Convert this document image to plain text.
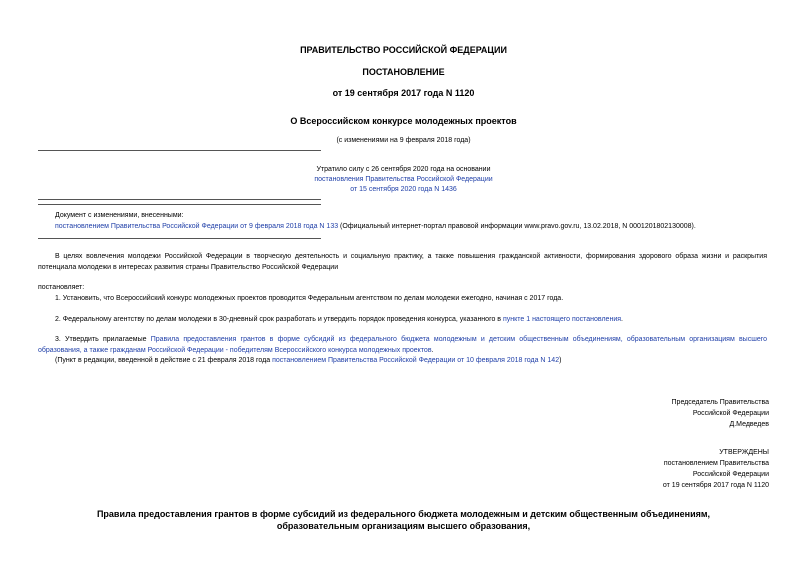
ПРАВИТЕЛЬСТВО РОССИЙСКОЙ ФЕДЕРАЦИИ
ПОСТАНОВЛЕНИЕ
от 19 сентября 2017 года N 1120
О Всероссийском конкурсе молодежных проектов
(с изменениями на 9 февраля 2018 года)
Утратило силу с 26 сентября 2020 года на основании
постановления Правительства Российской Федерации
от 15 сентября 2020 года N 1436
Документ с изменениями, внесенными:
постановлением Правительства Российской Федерации от 9 февраля 2018 года N 133 (Официальный интернет-портал правовой информации www.pravo.gov.ru, 13.02.2018, N 0001201802130008).
В целях вовлечения молодежи Российской Федерации в творческую деятельность и социальную практику, а также повышения гражданской активности, формирования здорового образа жизни и раскрытия потенциала молодежи в интересах развития страны Правительство Российской Федерации
постановляет:
1. Установить, что Всероссийский конкурс молодежных проектов проводится Федеральным агентством по делам молодежи ежегодно, начиная с 2017 года.
2. Федеральному агентству по делам молодежи в 30-дневный срок разработать и утвердить порядок проведения конкурса, указанного в пункте 1 настоящего постановления.
3. Утвердить прилагаемые Правила предоставления грантов в форме субсидий из федерального бюджета молодежным и детским общественным объединениям, образовательным организациям высшего образования, а также гражданам Российской Федерации - победителям Всероссийского конкурса молодежных проектов.
(Пункт в редакции, введенной в действие с 21 февраля 2018 года постановлением Правительства Российской Федерации от 10 февраля 2018 года N 142)
Председатель Правительства
Российской Федерации
Д.Медведев
УТВЕРЖДЕНЫ
постановлением Правительства
Российской Федерации
от 19 сентября 2017 года N 1120
Правила предоставления грантов в форме субсидий из федерального бюджета молодежным и детским общественным объединениям, образовательным организациям высшего образования,
